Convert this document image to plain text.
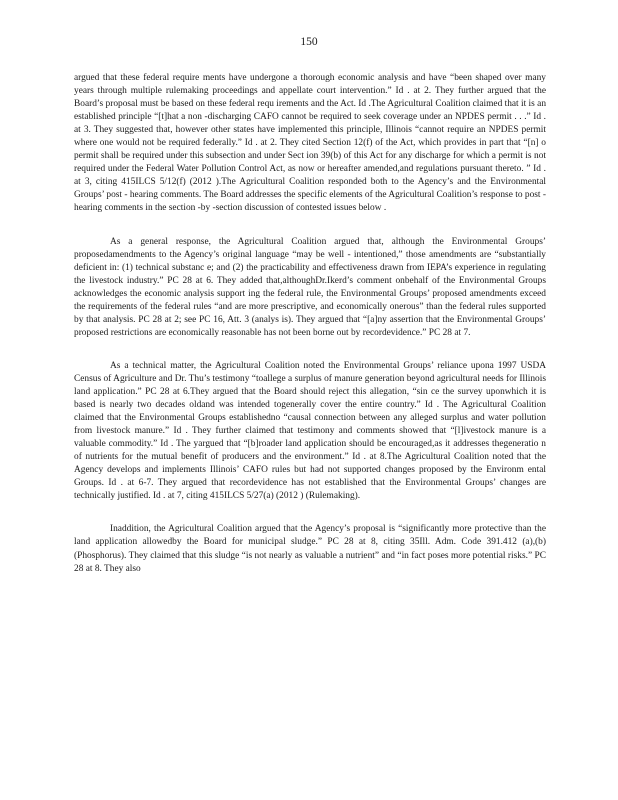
150

argued that these federal require ments have undergone a thorough economic analysis and have “been shaped over many years through multiple rulemaking proceedings and appellate court intervention.” Id . at 2. They further argued that the Board’s proposal must be based on these federal requ irements and the Act. Id .The Agricultural Coalition claimed that it is an established principle “[t]hat a non -discharging CAFO cannot be required to seek coverage under an NPDES permit . . .” Id . at 3. They suggested that, however other states have implemented this principle, Illinois “cannot require an NPDES permit where one would not be required federally.” Id . at 2. They cited Section 12(f) of the Act, which provides in part that “[n] o permit shall be required under this subsection and under Sect ion 39(b) of this Act for any discharge for which a permit is not required under the Federal Water Pollution Control Act, as now or hereafter amended,and regulations pursuant thereto. ” Id . at 3, citing 415ILCS 5/12(f) (2012 ).The Agricultural Coalition responded both to the Agency’s and the Environmental Groups’ post - hearing comments. The Board addresses the specific elements of the Agricultural Coalition’s response to post -hearing comments in the section -by -section discussion of contested issues below .

As a general response, the Agricultural Coalition argued that, although the Environmental Groups’ proposedamendments to the Agency’s original language “may be well - intentioned,” those amendments are “substantially deficient in: (1) technical substanc e; and (2) the practicability and effectiveness drawn from IEPA’s experience in regulating the livestock industry.” PC 28 at 6. They added that,althoughDr.Ikerd’s comment onbehalf of the Environmental Groups acknowledges the economic analysis support ing the federal rule, the Environmental Groups’ proposed amendments exceed the requirements of the federal rules “and are more prescriptive, and economically onerous” than the federal rules supported by that analysis. PC 28 at 2; see PC 16, Att. 3 (analys is). They argued that “[a]ny assertion that the Environmental Groups’ proposed restrictions are economically reasonable has not been borne out by recordevidence.” PC 28 at 7.

As a technical matter, the Agricultural Coalition noted the Environmental Groups’ reliance upona 1997 USDA Census of Agriculture and Dr. Thu’s testimony “toallege a surplus of manure generation beyond agricultural needs for Illinois land application.” PC 28 at 6.They argued that the Board should reject this allegation, “sin ce the survey uponwhich it is based is nearly two decades oldand was intended togenerally cover the entire country.” Id . The Agricultural Coalition claimed that the Environmental Groups establishedno “causal connection between any alleged surplus and water pollution from livestock manure.” Id . They further claimed that testimony and comments showed that “[l]ivestock manure is a valuable commodity.” Id . The yargued that “[b]roader land application should be encouraged,as it addresses thegeneratio n of nutrients for the mutual benefit of producers and the environment.” Id . at 8.The Agricultural Coalition noted that the Agency develops and implements Illinois’ CAFO rules but had not supported changes proposed by the Environm ental Groups. Id . at 6-7. They argued that recordevidence has not established that the Environmental Groups’ changes are technically justified. Id . at 7, citing 415ILCS 5/27(a) (2012 ) (Rulemaking).

Inaddition, the Agricultural Coalition argued that the Agency’s proposal is “significantly more protective than the land application allowedby the Board for municipal sludge.” PC 28 at 8, citing 35Ill. Adm. Code 391.412 (a),(b) (Phosphorus). They claimed that this sludge “is not nearly as valuable a nutrient” and “in fact poses more potential risks.” PC 28 at 8. They also
